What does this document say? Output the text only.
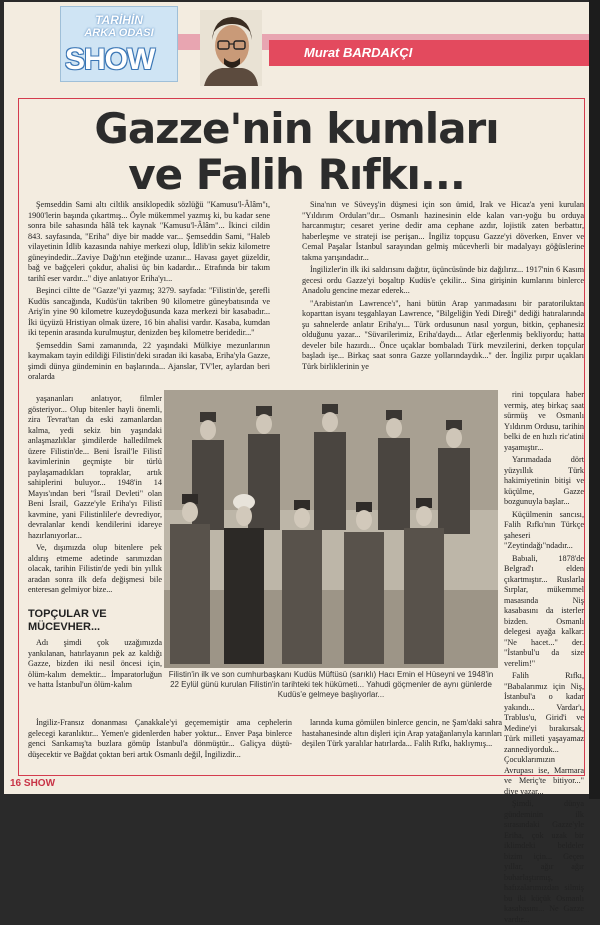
Murat BARDAKÇI
TARİHİN
ARKA ODASI
SHOW
Gazze'nin kumları
ve Falih Rıfkı...

Şemseddin Sami altı ciltlik ansiklopedik sözlüğü "Kamusu'l-Âlâm"ı, 1900'lerin başında çıkartmış... Öyle mükemmel yazmış ki, bu kadar sene sonra bile sahasında hâlâ tek kaynak "Kamusu'l-Âlâm"... İkinci cildin 843. sayfasında, "Eriha" diye bir madde var... Şemseddin Sami, "Haleb vilayetinin İdlib kazasında nahiye merkezi olup, İdlib'in sekiz kilometre güneyindedir...Zaviye Dağı'nın eteğinde uzanır... Havası gayet güzeldir, bağ ve bağçeleri çokdur, ahalisi üç bin kadardır... Etrafında bir takım tarihî eser vardır..." diye anlatıyor Eriha'yı...

Beşinci ciltte de "Gazze"yi yazmış; 3279. sayfada: "Filistin'de, şerefli Kudüs sancağında, Kudüs'ün takriben 90 kilometre güneybatısında ve Ariş'in yine 90 kilometre kuzeydoğusunda kaza merkezi bir kasabadır... İki üçyüzü Hristiyan olmak üzere, 16 bin ahalisi vardır. Kasaba, kumdan iki tepenin arasında kurulmuştur, denizden beş kilometre beridedir..."

Şemseddin Sami zamanında, 22 yaşındaki Mülkiye mezunlarının kaymakam tayin edildiği Filistin'deki sıradan iki kasaba, Eriha'yla Gazze, şimdi dünya gündeminin en başlarında... Ajanslar, TV'ler, aylardan beri oralarda

yaşananları anlatıyor, filmler gösteriyor... Olup bitenler hayli önemli, zira Tevrat'tan da eski zamanlardan kalma, yedi sekiz bin yaşındaki anlaşmazlıklar şimdilerde halledilmek üzere Filistin'de... Beni İsrail'le Filistî kavimlerinin geçmişte bir türlü paylaşamadıkları topraklar, artık sahiplerini buluyor... 1948'in 14 Mayıs'ından beri "İsrail Devleti" olan Beni İsrail, Gazze'yle Eriha'yı Filistî kavmine, yani Filistinliler'e devrediyor, devralanlar kendi kendilerini idareye hazırlanıyorlar...

Ve, dışımızda olup bitenlere pek aldırış etmeme adetinde sarımızdan olacak, tarihin Filistin'de yedi bin yıllık aradan sonra ilk defa değişmesi bile enteresan gelmiyor bize...

TOPÇULAR VE MÜCEVHER...

Adı şimdi çok uzağımızda yankılanan, hatırlayanın pek az kaldığı Gazze, bizden iki nesil öncesi için, ölüm-kalım demektir... İmparatorluğun ve hatta İstanbul'un ölüm-kalım

Sina'nın ve Süveyş'in düşmesi için son ümid, Irak ve Hicaz'a yeni kurulan "Yıldırım Orduları"dır... Osmanlı hazinesinin elde kalan varı-yoğu bu orduya harcanmıştır; cesaret yerine dedir ama cephane azdır, lojistik zaten berbattır, haberleşme ve strateji ise perişan... İngiliz topçusu Gazze'yi döverken, Enver ve Cemal Paşalar İstanbul sarayından gelmiş mücevherli bir madalyayı göğüslerine takma yarışındadır...

İngilizler'in ilk iki saldırısını dağıtır, üçüncüsünde biz dağılırız... 1917'nin 6 Kasım gecesi ordu Gazze'yi boşaltıp Kudüs'e çekilir... Sina girişinin kumlarını binlerce Anadolu gencine mezar ederek...

"Arabistan'ın Lawrence'ı", hani bütün Arap yarımadasını bir paratoriluktan koparttan isyanı teşgahlayan Lawrence, "Bilgeliğin Yedi Direği" dediği hatıralarında şu sahnelerde anlatır Eriha'yı... Türk ordusunun nasıl yorgun, bitkin, çephanesiz olduğunu yazar... "Süvarilerimiz, Eriha'daydı... Atlar eğerlenmiş bekliyordu; hatta develer bile hazırdı... Önce uçaklar bombaladı Türk mevzilerini, derken topçular başladı işe... Birkaç saat sonra Gazze yollarındaydık..." der. İngiliz pırpır uçakları Türk birliklerinin ye

Filistin'in ilk ve son cumhurbaşkanı Kudüs Müftüsü (sarıklı) Hacı Emin el Hüseyni ve 1948'in 22 Eylül günü kurulan Filistin'in tarihteki tek hükümeti... Yahudi göçmenler de aynı günlerde Kudüs'e gelmeye başlıyorlar...

rini topçulara haber vermiş, ateş birkaç saat sürmüş ve Osmanlı Yıldırım Ordusu, tarihin belki de en hızlı ric'atini yaşamıştır...

Yarımadada dört yüzyıllık Türk hakimiyetinin bitişi ve küçülme, Gazze bozgunuyla başlar...

Küçülmenin sancısı, Falih Rıfkı'nın Türkçe şaheseri "Zeytindağı"ndadır...

Babıali, 1878'de Belgrad'ı elden çıkartmıştır... Ruslarla Sırplar, mükemmel masasında Niş kasabasını da isterler bizden. Osmanlı delegesi ayağa kalkar: "Ne hacet..." der. "İstanbul'u da size verelim!"

Falih Rıfkı, "Babalarımız için Niş, İstanbul'a o kadar yakındı... Vardar'ı, Trablus'u, Girid'i ve Medine'yi bırakırsak, Türk milleti yaşayamaz zannediyorduk... Çocuklarımızın Avrupası ise, Marmara ve Meriç'te bitiyor..." diye yazar...

Şimdi, dünya gündeminin ilk sırasındaki Gazze'yle Eriha, çok uzak bir iklimdeki beldeler bizim için... Geçen yıllar, ağır ağır buharlaştırmış, hafızalarımızdan silmiş bu iki küçük Osmanlı kasabasını... Ne Gazze vardır...

İngiliz-Fransız donanması Çanakkale'yi geçememiştir ama cephelerin gelecegi karanlıktır... Yemen'e gidenlerden haber yoktur... Enver Paşa binlerce genci Sarıkamış'ta buzlara gömüp İstanbul'a dönmüştür... Galiçya düştü-düşecektir ve Bağdat çoktan beri artık Osmanlı değil, İngilizdir...

larında kuma gömülen binlerce gencin, ne Şam'daki sahra hastahanesinde altın dişleri için Arap yatağanlarıyla karınları deşilen Türk yaralılar hatırlarda... Falih Rıfkı, haklıymış...

16 SHOW
